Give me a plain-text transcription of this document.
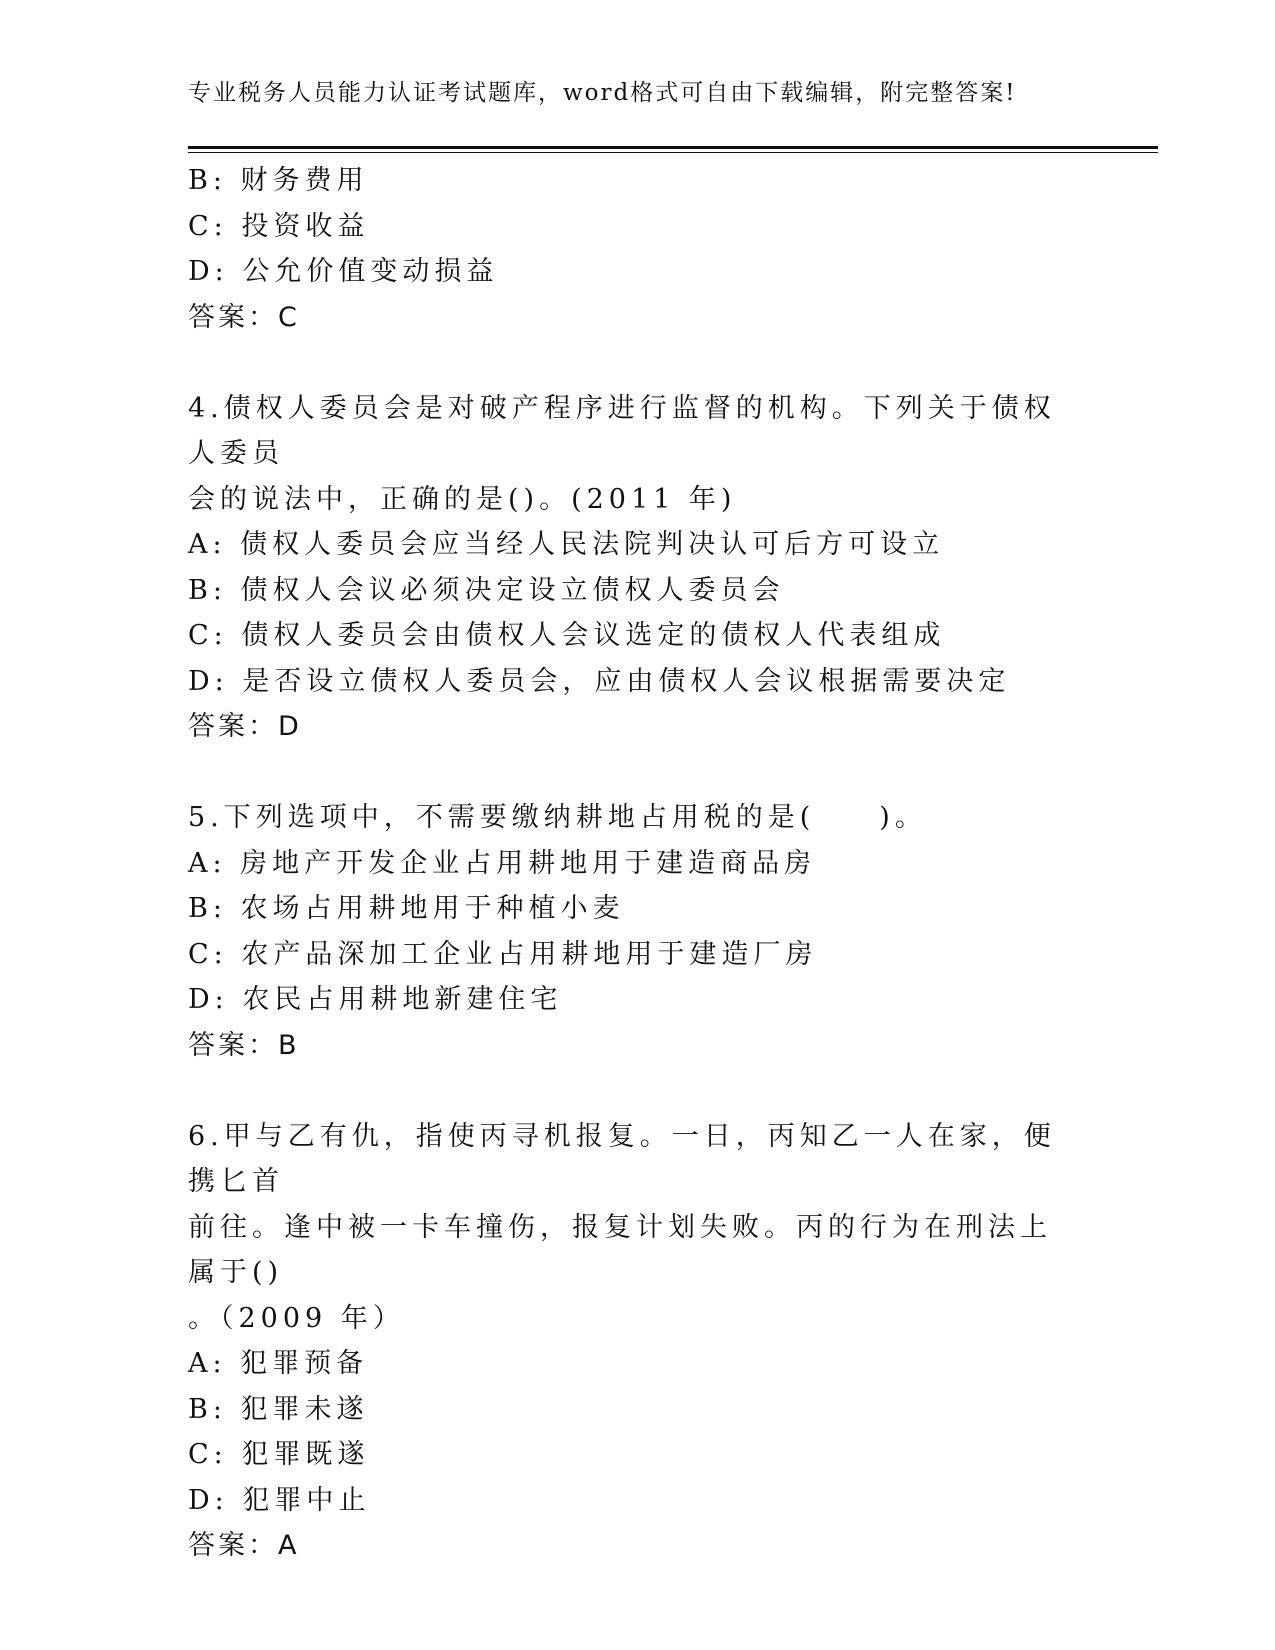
专业税务人员能力认证考试题库，word格式可自由下载编辑，附完整答案!
B: 财务费用
C: 投资收益
D: 公允价值变动损益
答案：C
4.债权人委员会是对破产程序进行监督的机构。下列关于债权人委员
会的说法中，正确的是()。(2011 年)
A: 债权人委员会应当经人民法院判决认可后方可设立
B: 债权人会议必须决定设立债权人委员会
C: 债权人委员会由债权人会议选定的债权人代表组成
D: 是否设立债权人委员会，应由债权人会议根据需要决定
答案：D
5.下列选项中，不需要缴纳耕地占用税的是(　　)。
A: 房地产开发企业占用耕地用于建造商品房
B: 农场占用耕地用于种植小麦
C: 农产品深加工企业占用耕地用于建造厂房
D: 农民占用耕地新建住宅
答案：B
6.甲与乙有仇，指使丙寻机报复。一日，丙知乙一人在家，便携匕首
前往。逢中被一卡车撞伤，报复计划失败。丙的行为在刑法上属于()
。（2009 年）
A: 犯罪预备
B: 犯罪未遂
C: 犯罪既遂
D: 犯罪中止
答案：A
